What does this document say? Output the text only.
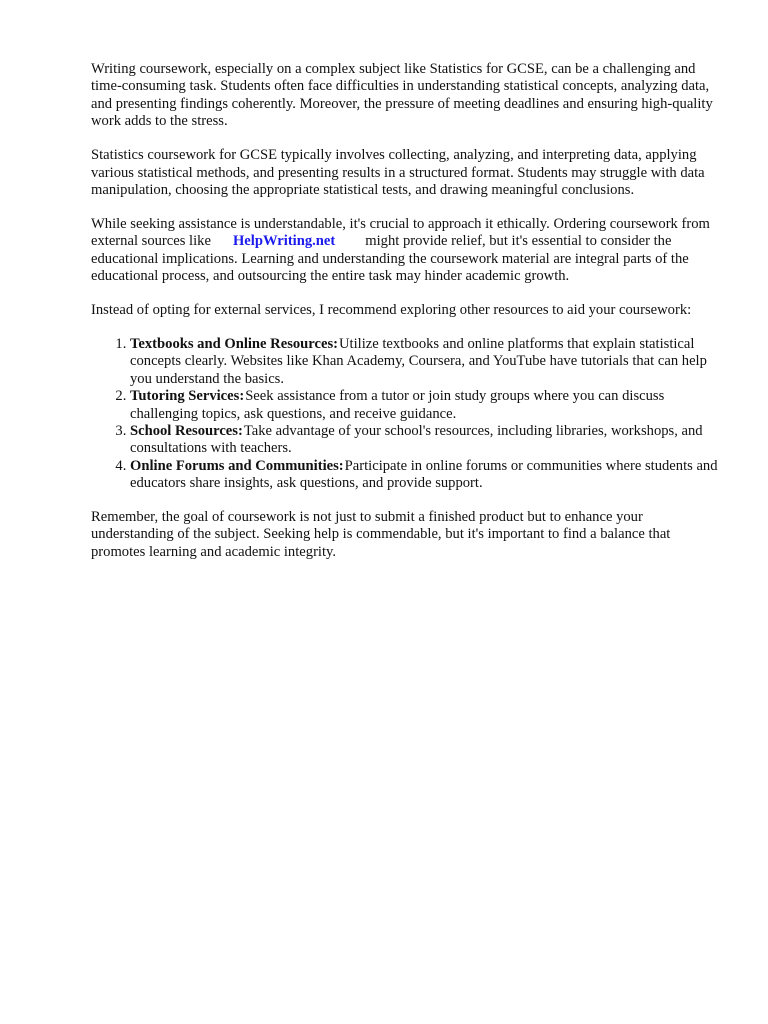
Writing coursework, especially on a complex subject like Statistics for GCSE, can be a challenging and time-consuming task. Students often face difficulties in understanding statistical concepts, analyzing data, and presenting findings coherently. Moreover, the pressure of meeting deadlines and ensuring high-quality work adds to the stress.

Statistics coursework for GCSE typically involves collecting, analyzing, and interpreting data, applying various statistical methods, and presenting results in a structured format. Students may struggle with data manipulation, choosing the appropriate statistical tests, and drawing meaningful conclusions.

While seeking assistance is understandable, it's crucial to approach it ethically. Ordering coursework from external sources like HelpWriting.net might provide relief, but it's essential to consider the educational implications. Learning and understanding the coursework material are integral parts of the educational process, and outsourcing the entire task may hinder academic growth.

Instead of opting for external services, I recommend exploring other resources to aid your coursework:

1. Textbooks and Online Resources:Utilize textbooks and online platforms that explain statistical concepts clearly. Websites like Khan Academy, Coursera, and YouTube have tutorials that can help you understand the basics.
2. Tutoring Services:Seek assistance from a tutor or join study groups where you can discuss challenging topics, ask questions, and receive guidance.
3. School Resources:Take advantage of your school's resources, including libraries, workshops, and consultations with teachers.
4. Online Forums and Communities:Participate in online forums or communities where students and educators share insights, ask questions, and provide support.

Remember, the goal of coursework is not just to submit a finished product but to enhance your understanding of the subject. Seeking help is commendable, but it's important to find a balance that promotes learning and academic integrity.
